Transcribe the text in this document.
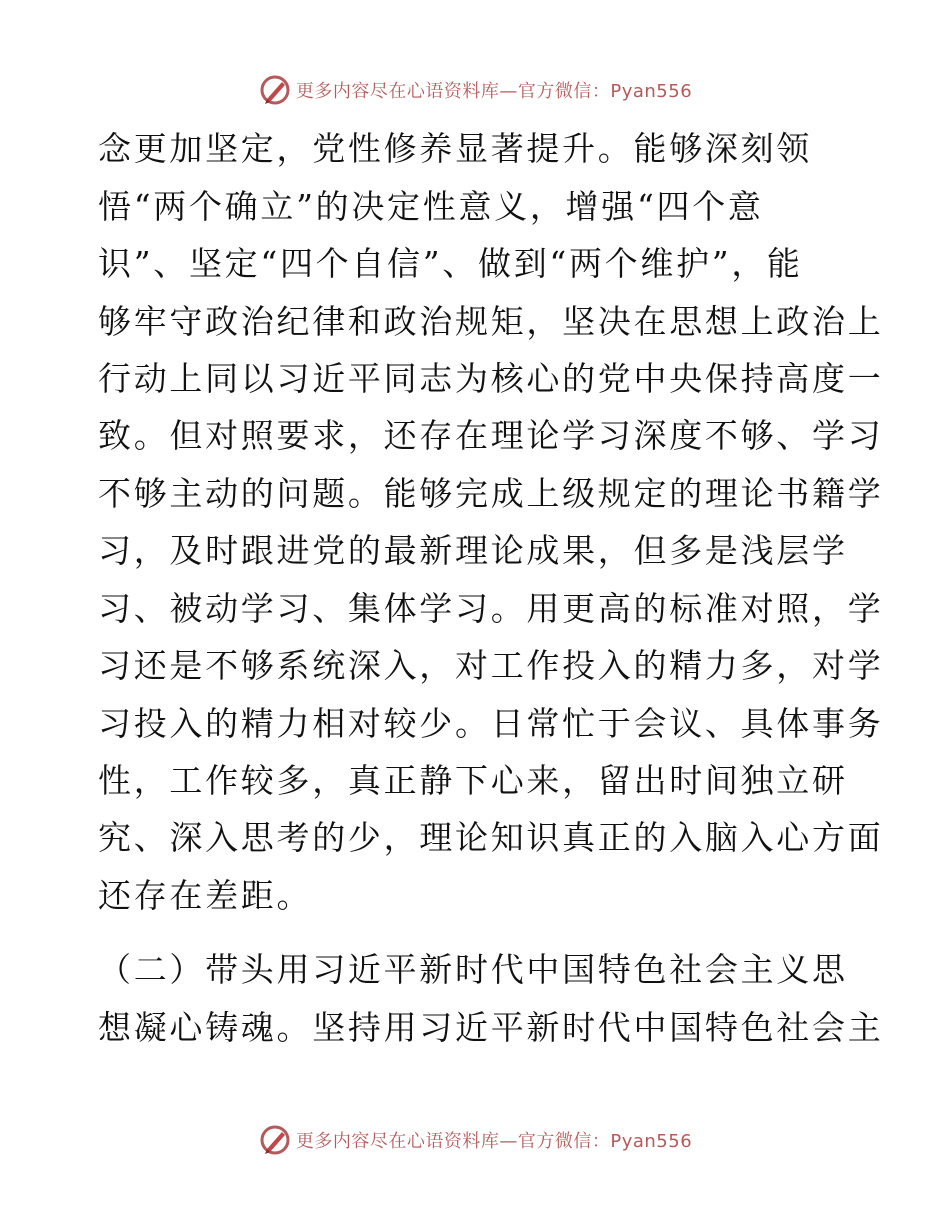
更多内容尽在心语资料库—官方微信：Pyan556
念更加坚定，党性修养显著提升。能够深刻领
悟“两个确立”的决定性意义，增强“四个意
识”、坚定“四个自信”、做到“两个维护”，能
够牢守政治纪律和政治规矩，坚决在思想上政治上
行动上同以习近平同志为核心的党中央保持高度一
致。但对照要求，还存在理论学习深度不够、学习
不够主动的问题。能够完成上级规定的理论书籍学
习，及时跟进党的最新理论成果，但多是浅层学
习、被动学习、集体学习。用更高的标准对照，学
习还是不够系统深入，对工作投入的精力多，对学
习投入的精力相对较少。日常忙于会议、具体事务
性，工作较多，真正静下心来，留出时间独立研
究、深入思考的少，理论知识真正的入脑入心方面
还存在差距。
（二）带头用习近平新时代中国特色社会主义思
想凝心铸魂。坚持用习近平新时代中国特色社会主
更多内容尽在心语资料库—官方微信：Pyan556
